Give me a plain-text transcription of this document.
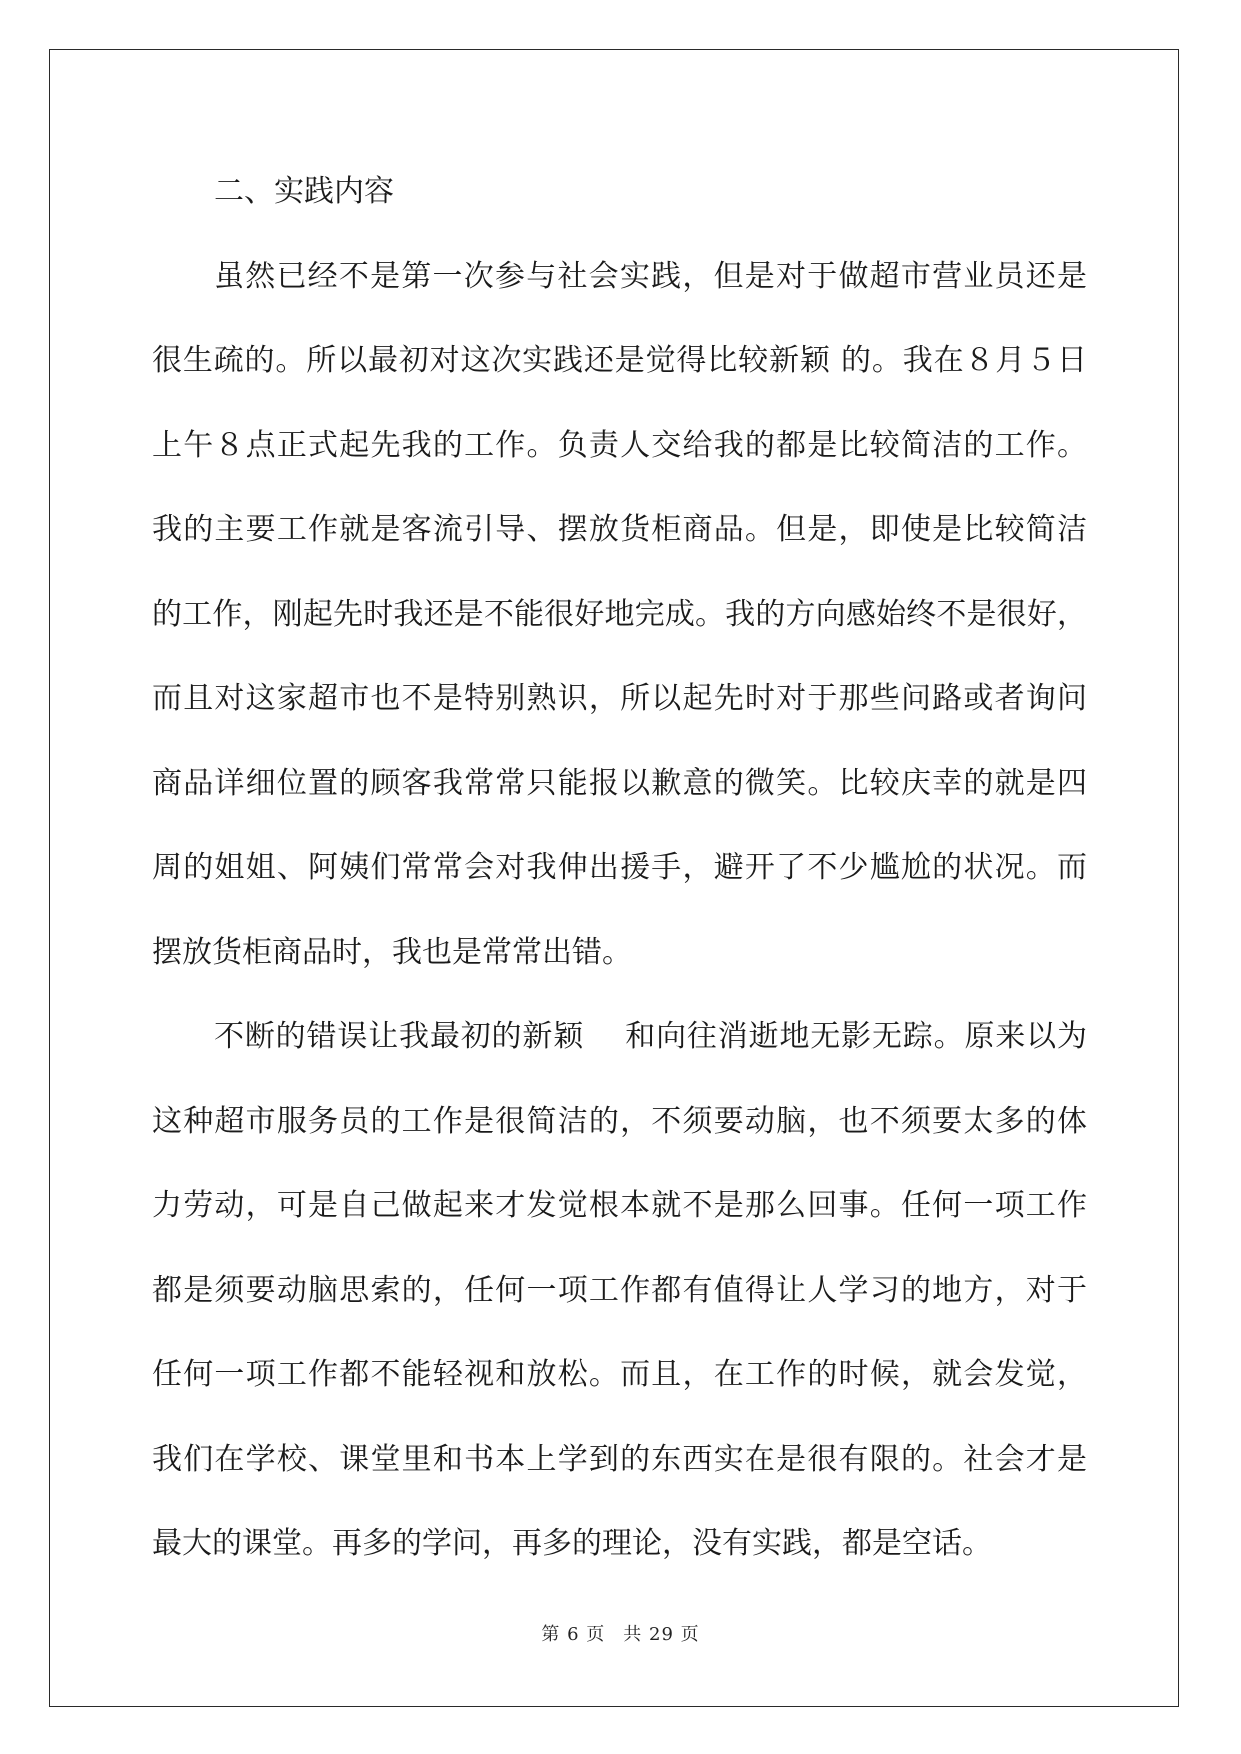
二、实践内容
虽然已经不是第一次参与社会实践，但是对于做超市营业员还是
很生疏的。所以最初对这次实践还是觉得比较新颖 的。我在８月５日
上午８点正式起先我的工作。负责人交给我的都是比较简洁的工作。
我的主要工作就是客流引导、摆放货柜商品。但是，即使是比较简洁
的工作，刚起先时我还是不能很好地完成。我的方向感始终不是很好，
而且对这家超市也不是特别熟识，所以起先时对于那些问路或者询问
商品详细位置的顾客我常常只能报以歉意的微笑。比较庆幸的就是四
周的姐姐、阿姨们常常会对我伸出援手，避开了不少尴尬的状况。而
摆放货柜商品时，我也是常常出错。
不断的错误让我最初的新颖　 和向往消逝地无影无踪。原来以为
这种超市服务员的工作是很简洁的，不须要动脑，也不须要太多的体
力劳动，可是自己做起来才发觉根本就不是那么回事。任何一项工作
都是须要动脑思索的，任何一项工作都有值得让人学习的地方，对于
任何一项工作都不能轻视和放松。而且，在工作的时候，就会发觉，
我们在学校、课堂里和书本上学到的东西实在是很有限的。社会才是
最大的课堂。再多的学问，再多的理论，没有实践，都是空话。
第 6 页 共 29 页
